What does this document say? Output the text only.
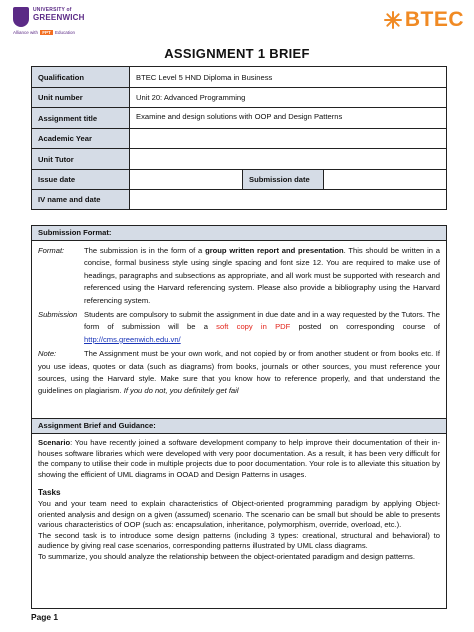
UNIVERSITY of
GREENWICH
Alliance with FPT Education
BTEC
ASSIGNMENT 1 BRIEF
Qualification	BTEC Level 5 HND Diploma in Business		
Unit number	Unit 20: Advanced Programming		
Assignment title	Examine and design solutions with OOP and Design Patterns		
Academic Year			
Unit Tutor			
Issue date		Submission date	
IV name and date			
Submission Format:
Format:	The submission is in the form of a group written report and presentation. This should be written in a concise, formal business style using single spacing and font size 12. You are required to make use of headings, paragraphs and subsections as appropriate, and all work must be supported with research and referenced using the Harvard referencing system. Please also provide a bibliography using the Harvard referencing system.
Submission Students are compulsory to submit the assignment in due date and in a way requested by the Tutors. The form of submission will be a soft copy in PDF posted on corresponding course of http://cms.greenwich.edu.vn/
Note:	The Assignment must be your own work, and not copied by or from another student or from books etc. If you use ideas, quotes or data (such as diagrams) from books, journals or other sources, you must reference your sources, using the Harvard style. Make sure that you know how to reference properly, and that understand the guidelines on plagiarism. If you do not, you definitely get fail
Assignment Brief and Guidance:
Scenario: You have recently joined a software development company to help improve their documentation of their in-houses software libraries which were developed with very poor documentation. As a result, it has been very difficult for the company to utilise their code in multiple projects due to poor documentation. Your role is to alleviate this situation by showing the efficient of UML diagrams in OOAD and Design Patterns in usages.
Tasks
You and your team need to explain characteristics of Object-oriented programming paradigm by applying Object-oriented analysis and design on a given (assumed) scenario. The scenario can be small but should be able to presents various characteristics of OOP (such as: encapsulation, inheritance, polymorphism, override, overload, etc.).
The second task is to introduce some design patterns (including 3 types: creational, structural and behavioral) to audience by giving real case scenarios, corresponding patterns illustrated by UML class diagrams.
To summarize, you should analyze the relationship between the object-orientated paradigm and design patterns.
Page 1
